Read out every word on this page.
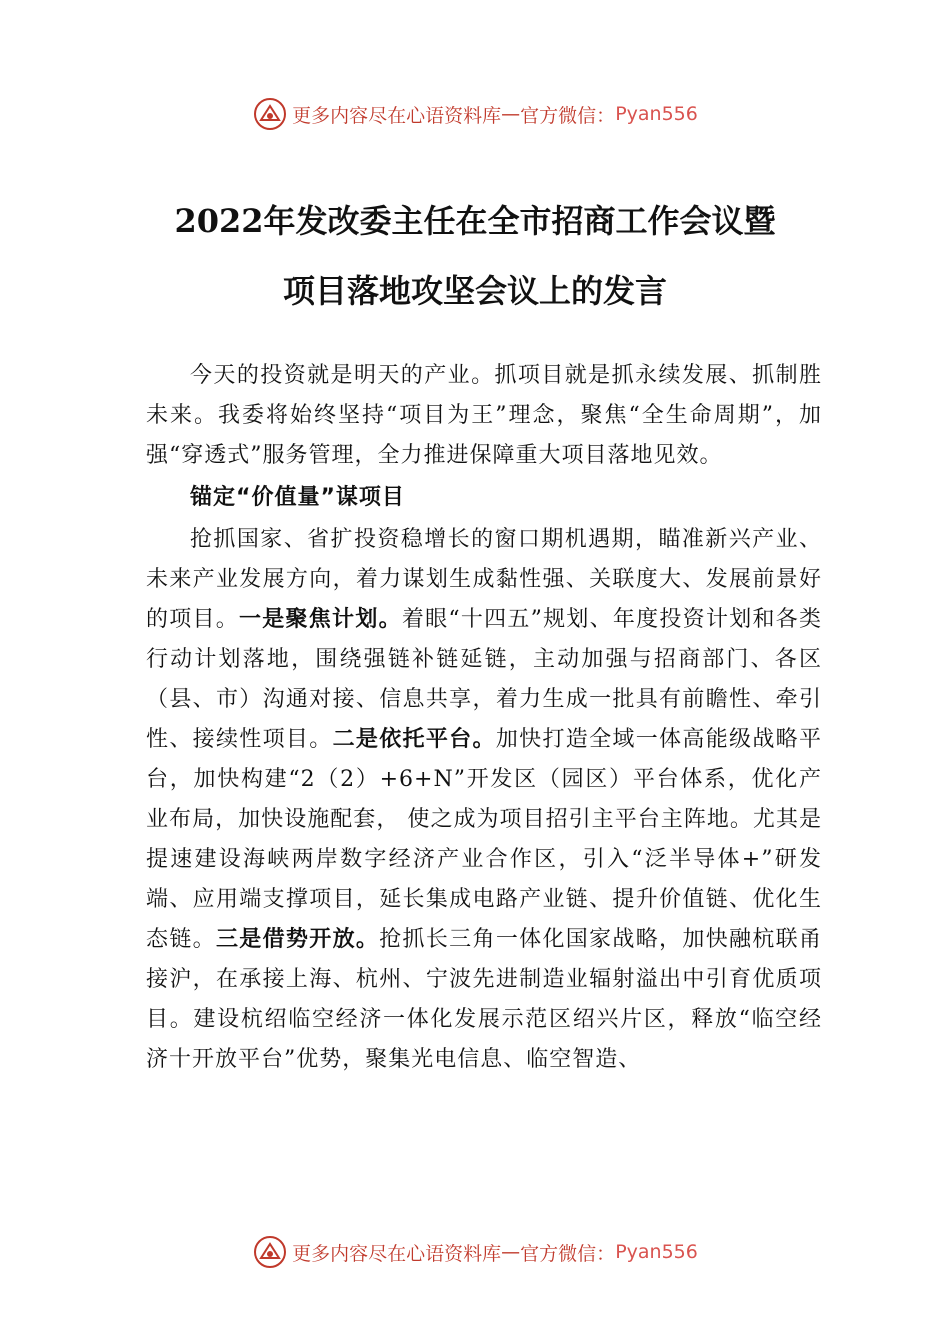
更多内容尽在心语资料库 — 官方微信： Pyan556
2022年发改委主任在全市招商工作会议暨
项目落地攻坚会议上的发言

今天的投资就是明天的产业。抓项目就是抓永续发展、抓制胜未来。我委将始终坚持“项目为王”理念，聚焦“全生命周期”，加强“穿透式”服务管理，全力推进保障重大项目落地见效。

锚定“价值量”谋项目

抢抓国家、省扩投资稳增长的窗口期机遇期，瞄准新兴产业、未来产业发展方向，着力谋划生成黏性强、关联度大、发展前景好的项目。一是聚焦计划。着眼“十四五”规划、年度投资计划和各类行动计划落地，围绕强链补链延链，主动加强与招商部门、各区（县、市）沟通对接、信息共享，着力生成一批具有前瞻性、牵引性、接续性项目。二是依托平台。加快打造全域一体高能级战略平台，加快构建“2（2）+6+N”开发区（园区）平台体系，优化产业布局，加快设施配套， 使之成为项目招引主平台主阵地。尤其是提速建设海峡两岸数字经济产业合作区，引入“泛半导体+”研发端、应用端支撑项目，延长集成电路产业链、提升价值链、优化生态链。三是借势开放。抢抓长三角一体化国家战略，加快融杭联甬接沪，在承接上海、杭州、宁波先进制造业辐射溢出中引育优质项目。建设杭绍临空经济一体化发展示范区绍兴片区，释放“临空经济十开放平台”优势，聚集光电信息、临空智造、

更多内容尽在心语资料库 — 官方微信： Pyan556
